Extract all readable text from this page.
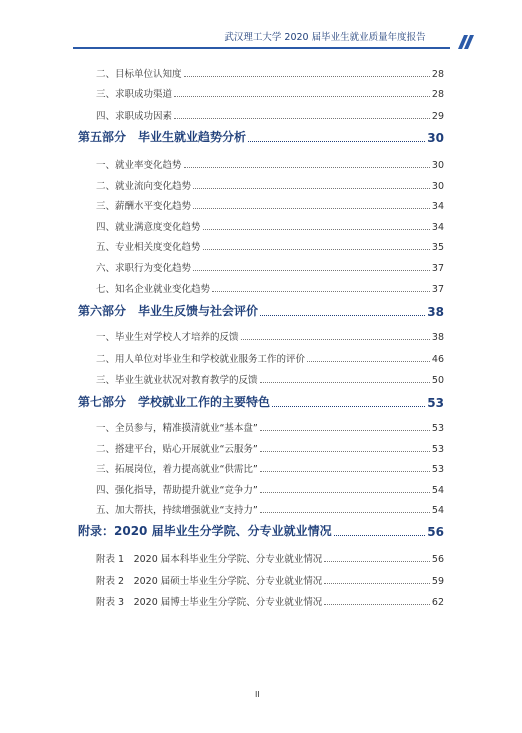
武汉理工大学 2020 届毕业生就业质量年度报告
二、目标单位认知度	28
三、求职成功渠道	28
四、求职成功因素	29
第五部分　毕业生就业趋势分析	30
一、就业率变化趋势	30
二、就业流向变化趋势	30
三、薪酬水平变化趋势	34
四、就业满意度变化趋势	34
五、专业相关度变化趋势	35
六、求职行为变化趋势	37
七、知名企业就业变化趋势	37
第六部分　毕业生反馈与社会评价	38
一、毕业生对学校人才培养的反馈	38
二、用人单位对毕业生和学校就业服务工作的评价	46
三、毕业生就业状况对教育教学的反馈	50
第七部分　学校就业工作的主要特色	53
一、全员参与，精准摸清就业“基本盘”	53
二、搭建平台，贴心开展就业“云服务”	53
三、拓展岗位，着力提高就业“供需比”	53
四、强化指导，帮助提升就业“竞争力”	54
五、加大帮扶，持续增强就业“支持力”	54
附录：2020 届毕业生分学院、分专业就业情况	56
附表 1　2020 届本科毕业生分学院、分专业就业情况	56
附表 2　2020 届硕士毕业生分学院、分专业就业情况	59
附表 3　2020 届博士毕业生分学院、分专业就业情况	62
II
